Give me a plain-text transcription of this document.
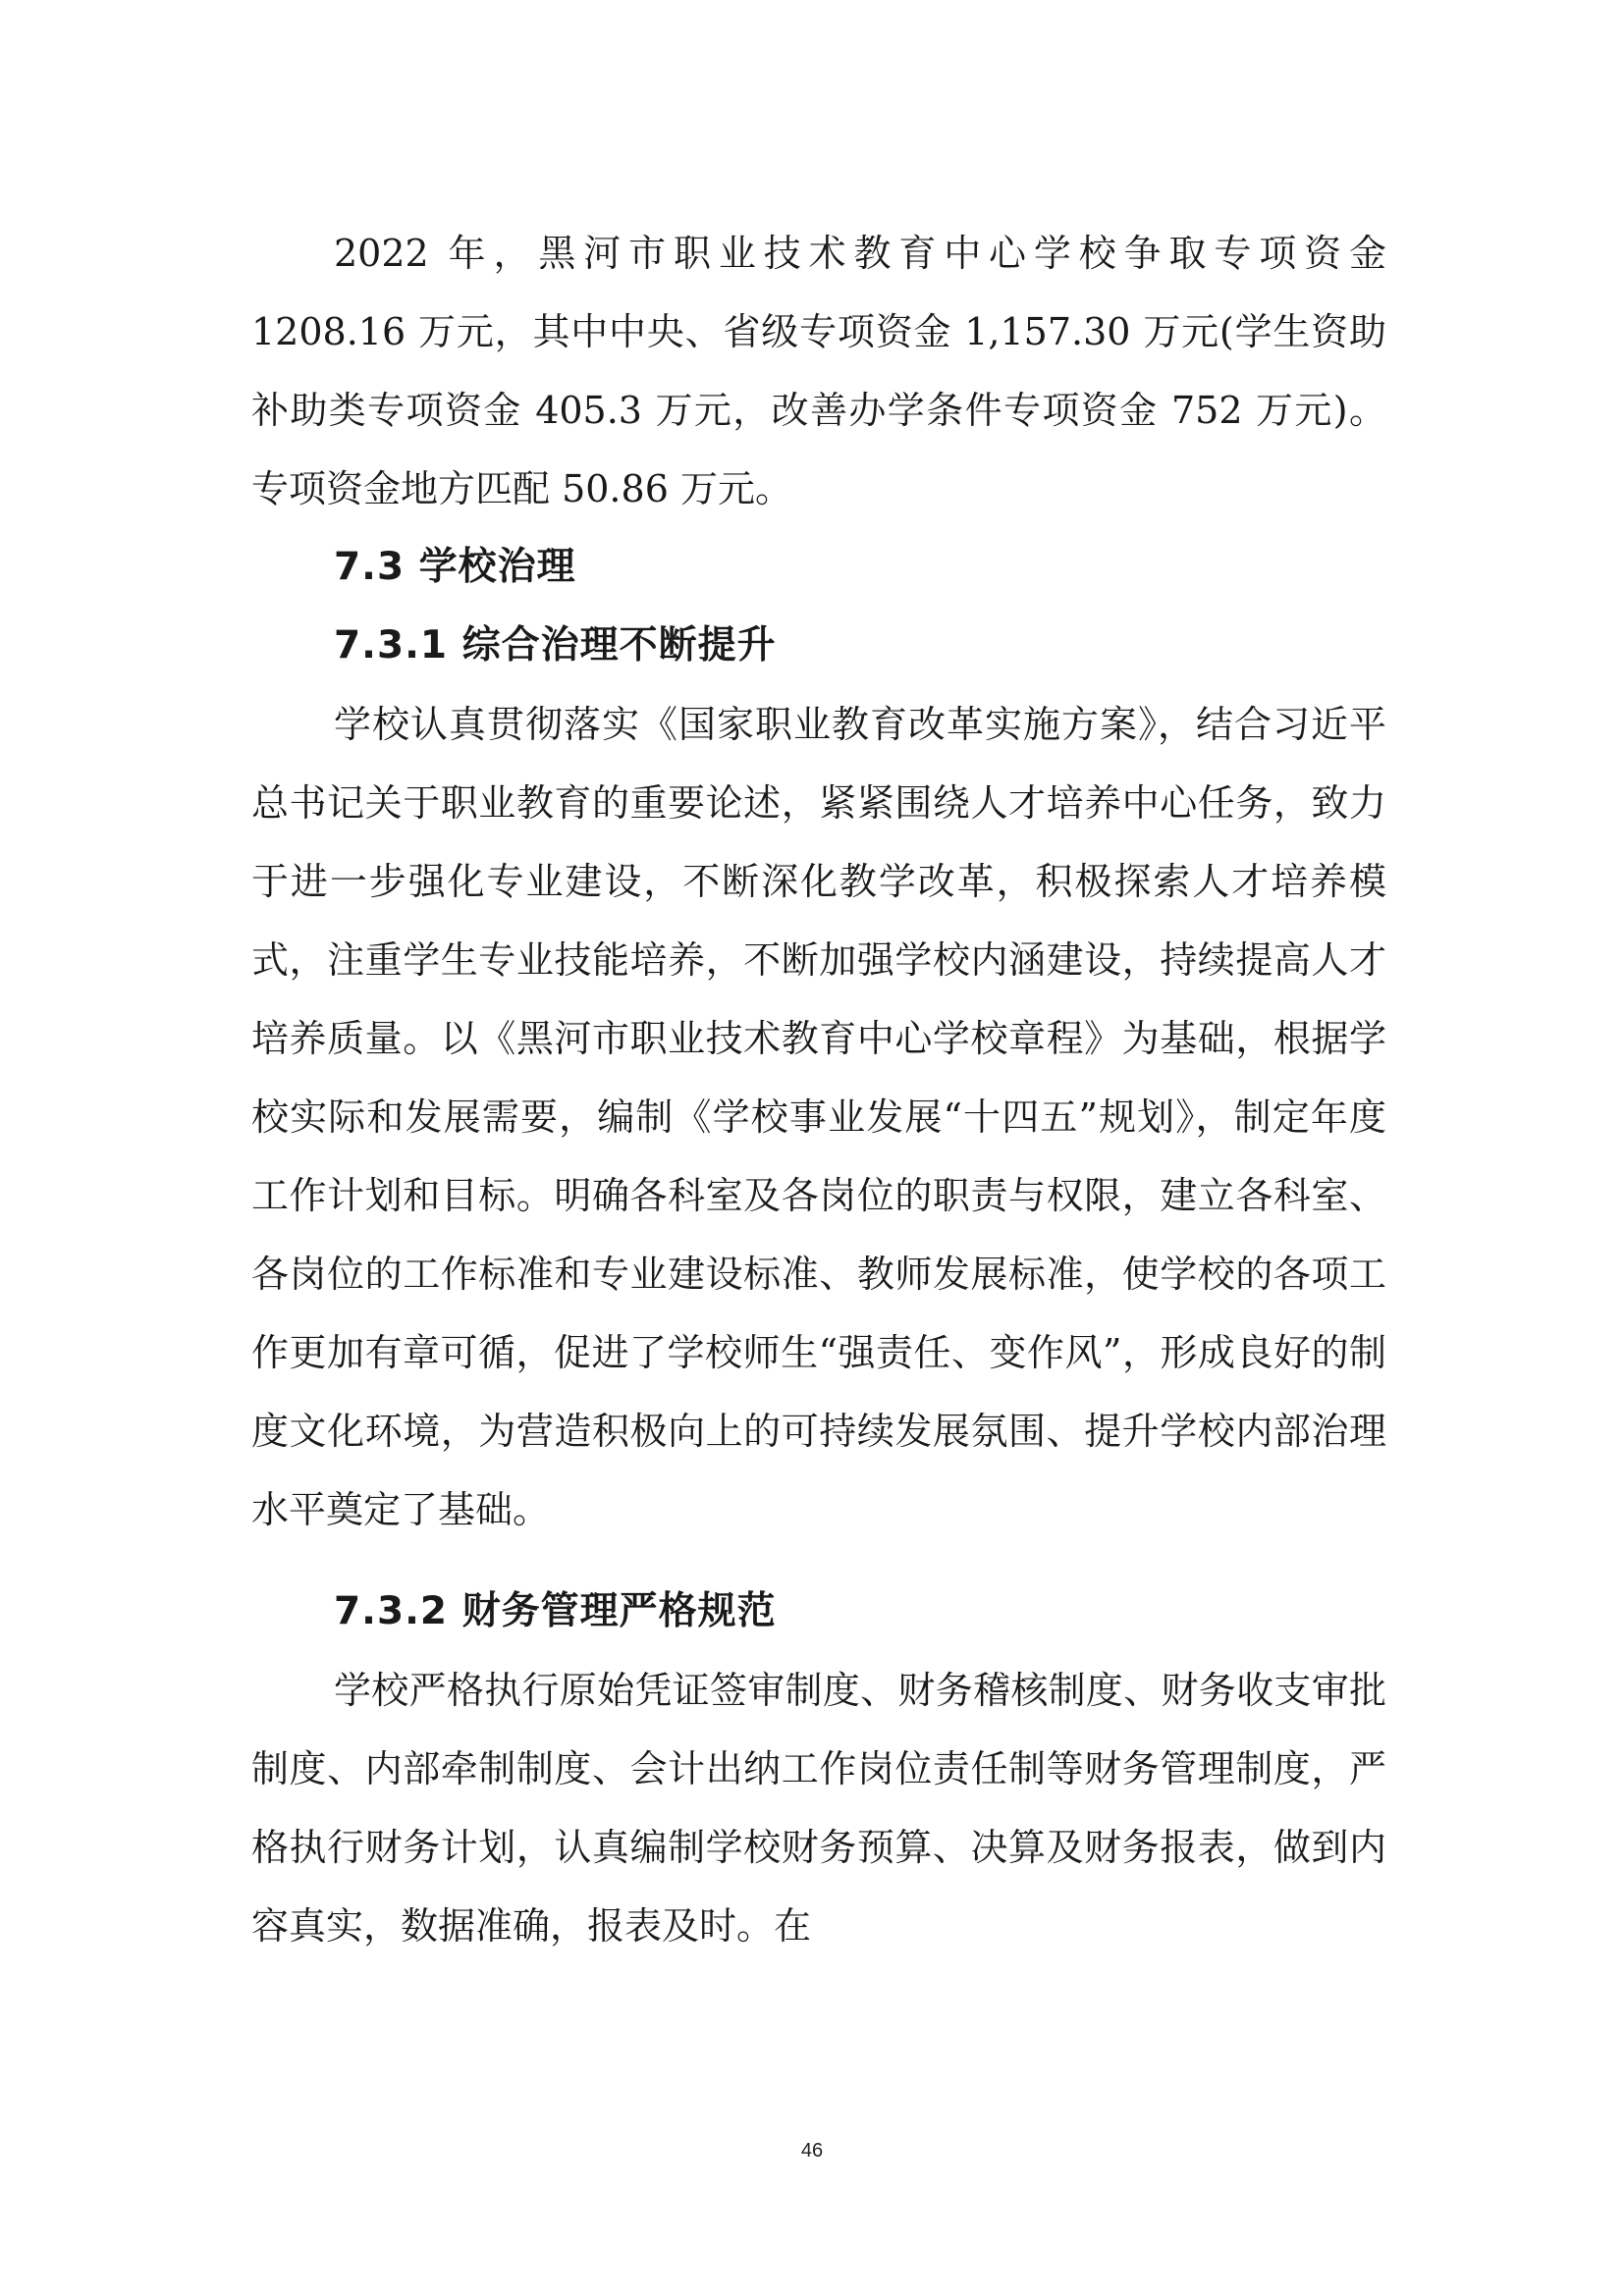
2022 年，黑河市职业技术教育中心学校争取专项资金 1208.16 万元，其中中央、省级专项资金 1,157.30 万元(学生资助补助类专项资金 405.3 万元，改善办学条件专项资金 752 万元)。专项资金地方匹配 50.86 万元。

7.3 学校治理
7.3.1 综合治理不断提升

学校认真贯彻落实《国家职业教育改革实施方案》，结合习近平总书记关于职业教育的重要论述，紧紧围绕人才培养中心任务，致力于进一步强化专业建设，不断深化教学改革，积极探索人才培养模式，注重学生专业技能培养，不断加强学校内涵建设，持续提高人才培养质量。以《黑河市职业技术教育中心学校章程》为基础，根据学校实际和发展需要，编制《学校事业发展“十四五”规划》，制定年度工作计划和目标。明确各科室及各岗位的职责与权限，建立各科室、各岗位的工作标准和专业建设标准、教师发展标准，使学校的各项工作更加有章可循，促进了学校师生“强责任、变作风”，形成良好的制度文化环境，为营造积极向上的可持续发展氛围、提升学校内部治理水平奠定了基础。

7.3.2 财务管理严格规范

学校严格执行原始凭证签审制度、财务稽核制度、财务收支审批制度、内部牵制制度、会计出纳工作岗位责任制等财务管理制度，严格执行财务计划，认真编制学校财务预算、决算及财务报表，做到内容真实，数据准确，报表及时。在

46
